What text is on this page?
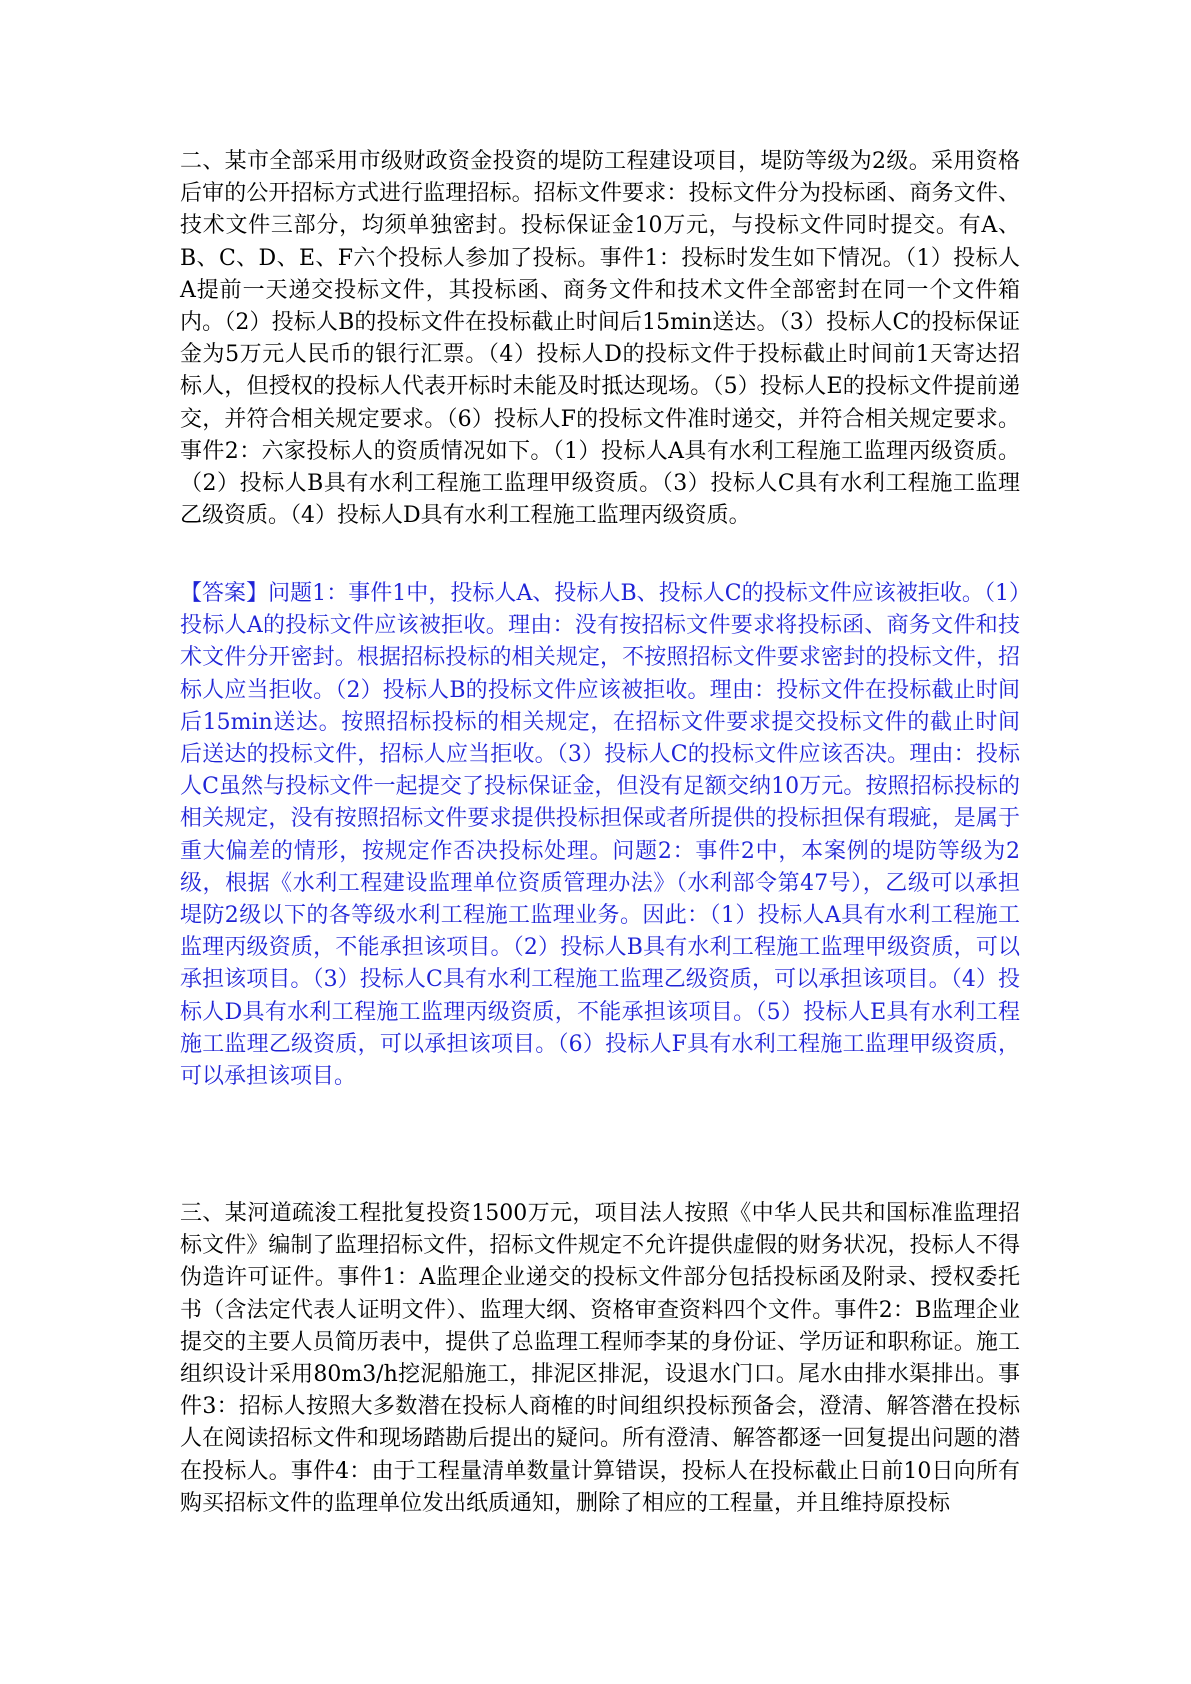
二、某市全部采用市级财政资金投资的堤防工程建设项目，堤防等级为2级。采用资格后审的公开招标方式进行监理招标。招标文件要求：投标文件分为投标函、商务文件、技术文件三部分，均须单独密封。投标保证金10万元，与投标文件同时提交。有A、B、C、D、E、F六个投标人参加了投标。事件1：投标时发生如下情况。（1）投标人A提前一天递交投标文件，其投标函、商务文件和技术文件全部密封在同一个文件箱内。（2）投标人B的投标文件在投标截止时间后15min送达。（3）投标人C的投标保证金为5万元人民币的银行汇票。（4）投标人D的投标文件于投标截止时间前1天寄达招标人，但授权的投标人代表开标时未能及时抵达现场。（5）投标人E的投标文件提前递交，并符合相关规定要求。（6）投标人F的投标文件准时递交，并符合相关规定要求。事件2：六家投标人的资质情况如下。（1）投标人A具有水利工程施工监理丙级资质。（2）投标人B具有水利工程施工监理甲级资质。（3）投标人C具有水利工程施工监理乙级资质。（4）投标人D具有水利工程施工监理丙级资质。

【答案】问题1：事件1中，投标人A、投标人B、投标人C的投标文件应该被拒收。（1）投标人A的投标文件应该被拒收。理由：没有按招标文件要求将投标函、商务文件和技术文件分开密封。根据招标投标的相关规定，不按照招标文件要求密封的投标文件，招标人应当拒收。（2）投标人B的投标文件应该被拒收。理由：投标文件在投标截止时间后15min送达。按照招标投标的相关规定，在招标文件要求提交投标文件的截止时间后送达的投标文件，招标人应当拒收。（3）投标人C的投标文件应该否决。理由：投标人C虽然与投标文件一起提交了投标保证金，但没有足额交纳10万元。按照招标投标的相关规定，没有按照招标文件要求提供投标担保或者所提供的投标担保有瑕疵，是属于重大偏差的情形，按规定作否决投标处理。问题2：事件2中，本案例的堤防等级为2级，根据《水利工程建设监理单位资质管理办法》（水利部令第47号），乙级可以承担堤防2级以下的各等级水利工程施工监理业务。因此：（1）投标人A具有水利工程施工监理丙级资质，不能承担该项目。（2）投标人B具有水利工程施工监理甲级资质，可以承担该项目。（3）投标人C具有水利工程施工监理乙级资质，可以承担该项目。（4）投标人D具有水利工程施工监理丙级资质，不能承担该项目。（5）投标人E具有水利工程施工监理乙级资质，可以承担该项目。（6）投标人F具有水利工程施工监理甲级资质，可以承担该项目。

三、某河道疏浚工程批复投资1500万元，项目法人按照《中华人民共和国标准监理招标文件》编制了监理招标文件，招标文件规定不允许提供虚假的财务状况，投标人不得伪造许可证件。事件1：A监理企业递交的投标文件部分包括投标函及附录、授权委托书（含法定代表人证明文件）、监理大纲、资格审查资料四个文件。事件2：B监理企业提交的主要人员简历表中，提供了总监理工程师李某的身份证、学历证和职称证。施工组织设计采用80m3/h挖泥船施工，排泥区排泥，设退水门口。尾水由排水渠排出。事件3：招标人按照大多数潜在投标人商榷的时间组织投标预备会，澄清、解答潜在投标人在阅读招标文件和现场踏勘后提出的疑问。所有澄清、解答都逐一回复提出问题的潜在投标人。事件4：由于工程量清单数量计算错误，投标人在投标截止日前10日向所有购买招标文件的监理单位发出纸质通知，删除了相应的工程量，并且维持原投标
